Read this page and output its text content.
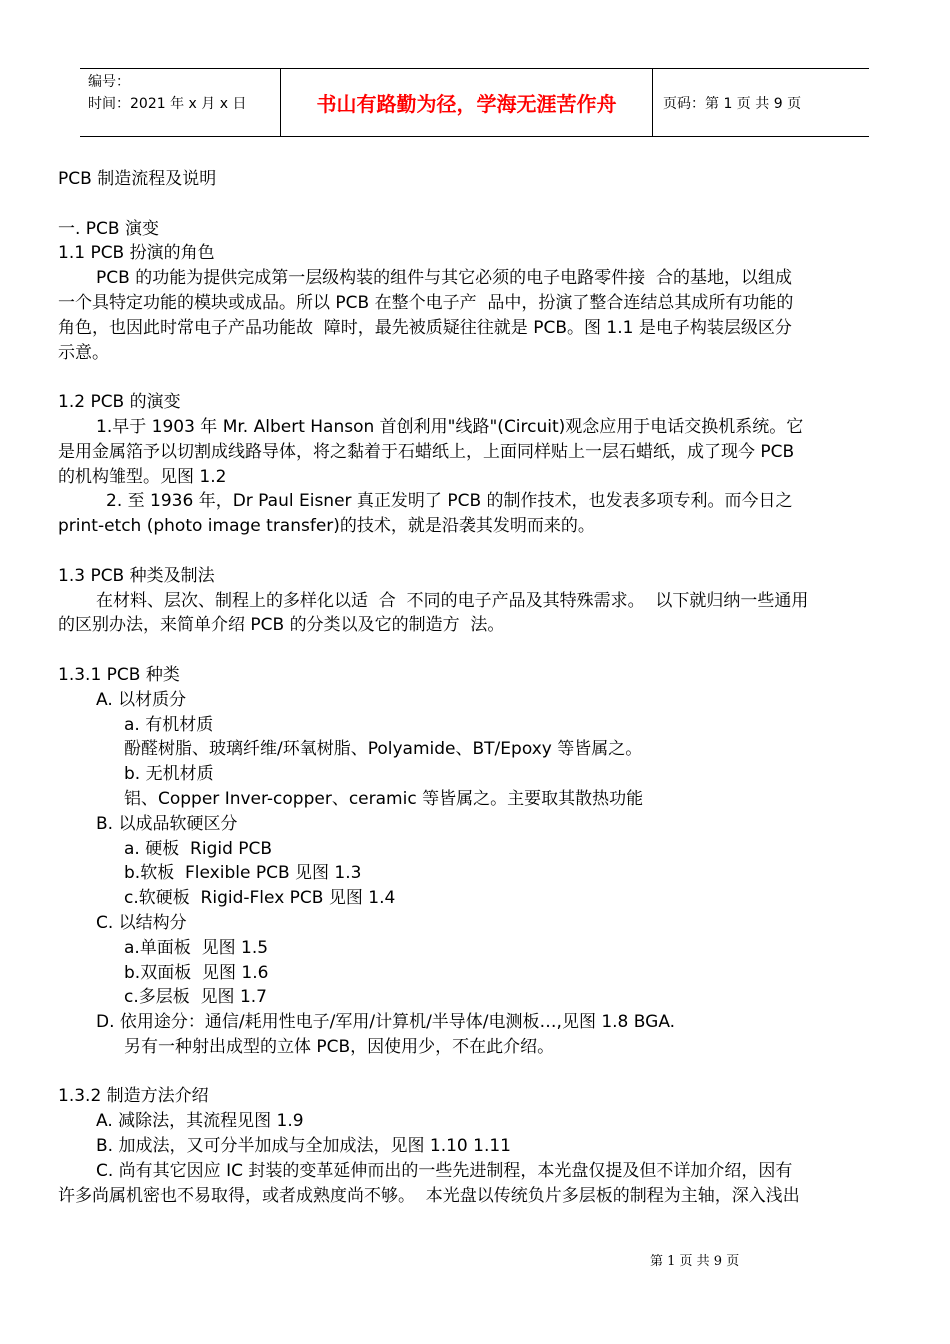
编号：
时间：2021 年 x 月 x 日	书山有路勤为径，学海无涯苦作舟	页码：第 1 页 共 9 页
PCB 制造流程及说明
一. PCB 演变
1.1 PCB 扮演的角色
PCB 的功能为提供完成第一层级构装的组件与其它必须的电子电路零件接  合的基地，以组成
一个具特定功能的模块或成品。所以 PCB 在整个电子产  品中，扮演了整合连结总其成所有功能的
角色，也因此时常电子产品功能故  障时，最先被质疑往往就是 PCB。图 1.1 是电子构装层级区分
示意。
1.2 PCB 的演变
1.早于 1903 年 Mr. Albert Hanson 首创利用"线路"(Circuit)观念应用于电话交换机系统。它
是用金属箔予以切割成线路导体，将之黏着于石蜡纸上，上面同样贴上一层石蜡纸，成了现今 PCB
的机构雏型。见图 1.2
2. 至 1936 年，Dr Paul Eisner 真正发明了 PCB 的制作技术，也发表多项专利。而今日之
print-etch (photo image transfer)的技术，就是沿袭其发明而来的。
1.3 PCB 种类及制法
在材料、层次、制程上的多样化以适  合  不同的电子产品及其特殊需求。  以下就归纳一些通用
的区别办法，来简单介绍 PCB 的分类以及它的制造方  法。
1.3.1 PCB 种类
A. 以材质分
a. 有机材质
酚醛树脂、玻璃纤维/环氧树脂、Polyamide、BT/Epoxy 等皆属之。
b. 无机材质
铝、Copper Inver-copper、ceramic 等皆属之。主要取其散热功能
B. 以成品软硬区分
a. 硬板  Rigid PCB
b.软板  Flexible PCB 见图 1.3
c.软硬板  Rigid-Flex PCB 见图 1.4
C. 以结构分
a.单面板  见图 1.5
b.双面板  见图 1.6
c.多层板  见图 1.7
D. 依用途分：通信/耗用性电子/军用/计算机/半导体/电测板…,见图 1.8 BGA.
另有一种射出成型的立体 PCB，因使用少，不在此介绍。
1.3.2 制造方法介绍
A. 减除法，其流程见图 1.9
B. 加成法，又可分半加成与全加成法，见图 1.10 1.11
C. 尚有其它因应 IC 封装的变革延伸而出的一些先进制程，本光盘仅提及但不详加介绍，因有
许多尚属机密也不易取得，或者成熟度尚不够。  本光盘以传统负片多层板的制程为主轴，深入浅出
第 1 页 共 9 页
